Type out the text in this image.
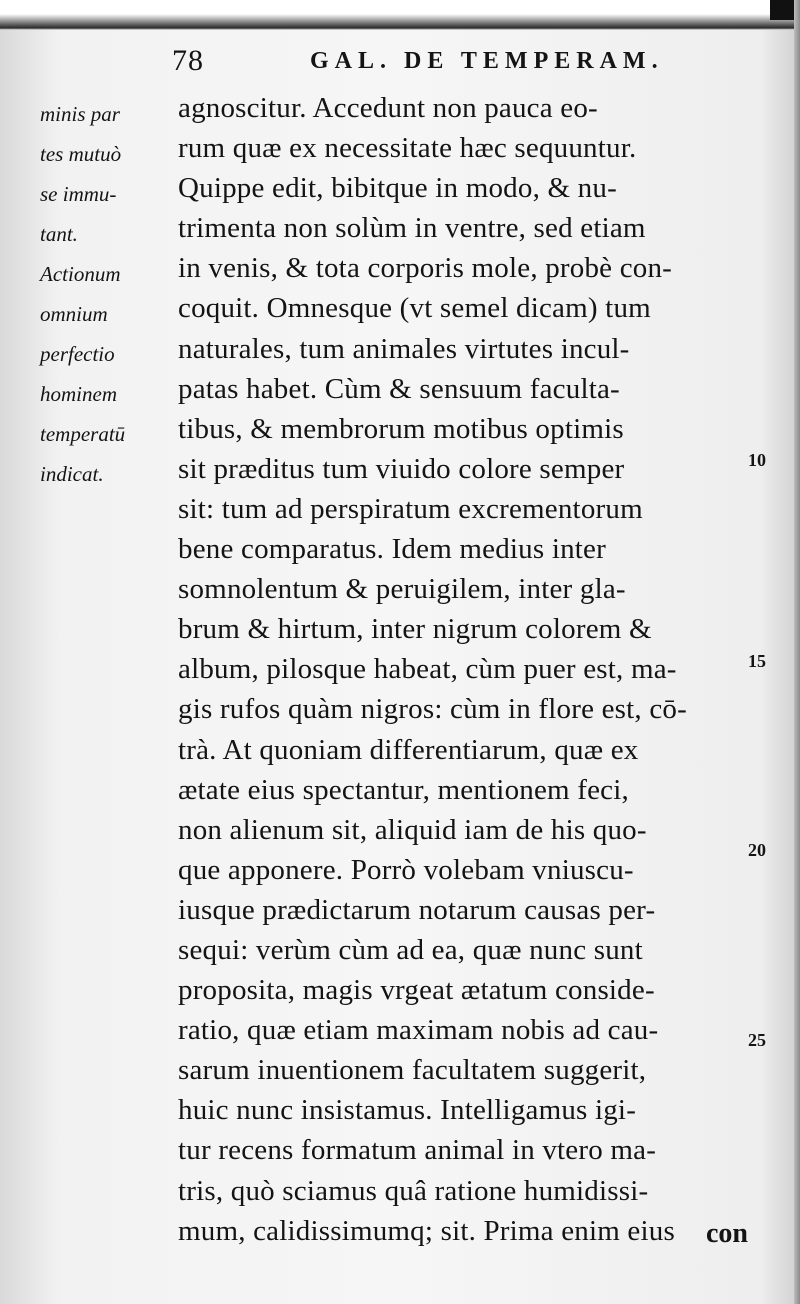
78	GAL. DE TEMPERAM.
minis par
tes mutuò
se immu-
tant.
Actionum
omnium
perfectio
hominem
temperatū
indicat.
agnoscitur. Accedunt non pauca eo-
rum quæ ex necessitate hæc sequuntur.
Quippe edit, bibitque in modo, & nu-
trimenta non solùm in ventre, sed etiam
in venis, & tota corporis mole, probè con-
coquit. Omnesque (vt semel dicam) tum
naturales, tum animales virtutes incul-
patas habet. Cùm & sensuum faculta-
tibus, & membrorum motibus optimis
sit præditus tum viuido colore semper
sit: tum ad perspiratum excrementorum
bene comparatus. Idem medius inter
somnolentum & peruigilem, inter gla-
brum & hirtum, inter nigrum colorem &
album, pilosque habeat, cùm puer est, ma-
gis rufos quàm nigros: cùm in flore est, cō-
trà. At quoniam differentiarum, quæ ex
ætate eius spectantur, mentionem feci,
non alienum sit, aliquid iam de his quo-
que apponere. Porrò volebam vniuscu-
iusque prædictarum notarum causas per-
sequi: verùm cùm ad ea, quæ nunc sunt
proposita, magis vrgeat ætatum conside-
ratio, quæ etiam maximam nobis ad cau-
sarum inuentionem facultatem suggerit,
huic nunc insistamus. Intelligamus igi-
tur recens formatum animal in vtero ma-
tris, quò sciamus quâ ratione humidissi-
mum, calidissimumq; sit. Prima enim eius
10
15
20
25
con
